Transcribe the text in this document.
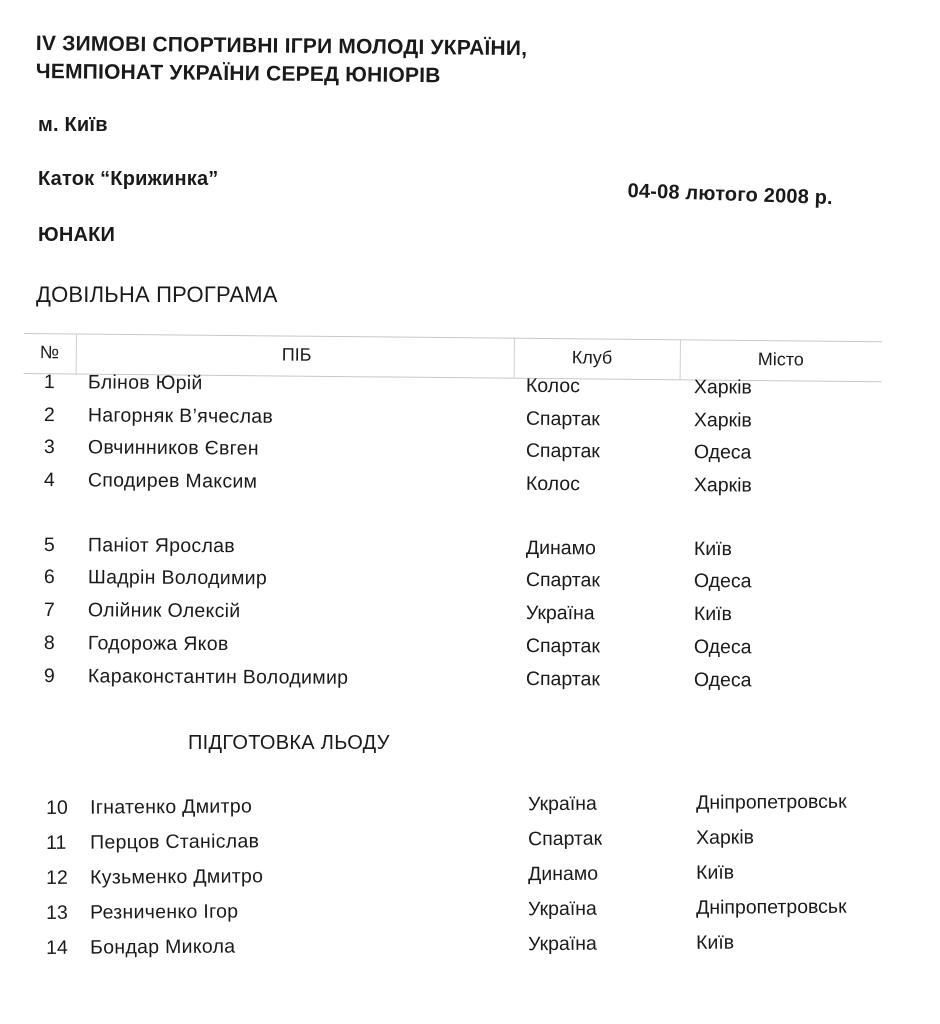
IV ЗИМОВІ СПОРТИВНІ ІГРИ МОЛОДІ УКРАЇНИ,
ЧЕМПІОНАТ УКРАЇНИ СЕРЕД ЮНІОРІВ
м. Київ
Каток “Крижинка”
04-08 лютого 2008 р.
ЮНАКИ
ДОВІЛЬНА ПРОГРАМА
№	ПІБ	Клуб	Місто
1 Блінов Юрій	Колос	Харків
2 Нагорняк В’ячеслав	Спартак	Харків
3 Овчинников Євген	Спартак	Одеса
4 Сподирев Максим	Колос	Харків
5 Паніот Ярослав	Динамо	Київ
6 Шадрін Володимир	Спартак	Одеса
7 Олійник Олексій	Україна	Київ
8 Годорожа Яков	Спартак	Одеса
9 Караконстантин Володимир	Спартак	Одеса
10 Ігнатенко Дмитро	Україна	Дніпропетровськ
11 Перцов Станіслав	Спартак	Харків
12 Кузьменко Дмитро	Динамо	Київ
13 Резниченко Ігор	Україна	Дніпропетровськ
14 Бондар Микола	Україна	Київ
ПІДГОТОВКА ЛЬОДУ
